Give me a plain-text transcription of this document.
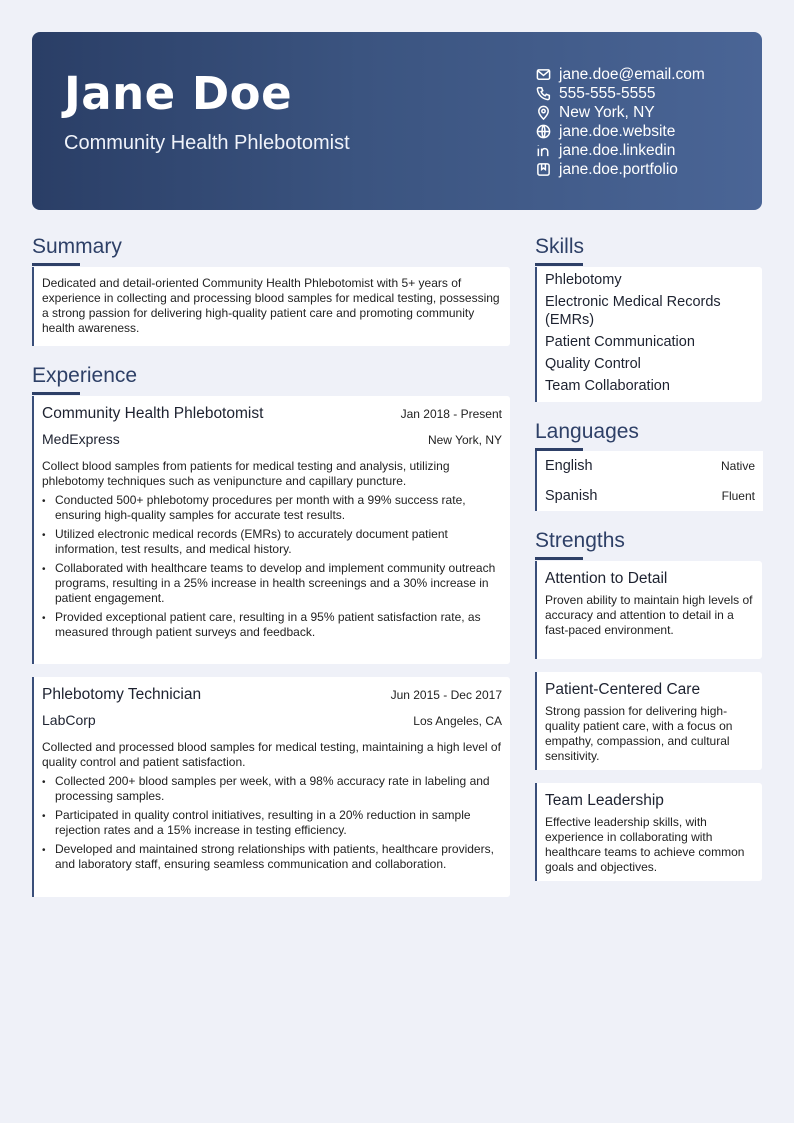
Jane Doe
Community Health Phlebotomist
jane.doe@email.com
555-555-5555
New York, NY
jane.doe.website
jane.doe.linkedin
jane.doe.portfolio
Summary

Dedicated and detail-oriented Community Health Phlebotomist with 5+ years of experience in collecting and processing blood samples for medical testing, possessing a strong passion for delivering high-quality patient care and promoting community health awareness.

Experience
Community Health Phlebotomist	Jan 2018 - Present
MedExpress	New York, NY

Collect blood samples from patients for medical testing and analysis, utilizing phlebotomy techniques such as venipuncture and capillary puncture.

• Conducted 500+ phlebotomy procedures per month with a 99% success rate, ensuring high-quality samples for accurate test results.
• Utilized electronic medical records (EMRs) to accurately document patient information, test results, and medical history.
• Collaborated with healthcare teams to develop and implement community outreach programs, resulting in a 25% increase in health screenings and a 30% increase in patient engagement.
• Provided exceptional patient care, resulting in a 95% patient satisfaction rate, as measured through patient surveys and feedback.
Phlebotomy Technician	Jun 2015 - Dec 2017
LabCorp	Los Angeles, CA

Collected and processed blood samples for medical testing, maintaining a high level of quality control and patient satisfaction.

• Collected 200+ blood samples per week, with a 98% accuracy rate in labeling and processing samples.
• Participated in quality control initiatives, resulting in a 20% reduction in sample rejection rates and a 15% increase in testing efficiency.
• Developed and maintained strong relationships with patients, healthcare providers, and laboratory staff, ensuring seamless communication and collaboration.
Skills
Phlebotomy
Electronic Medical Records (EMRs)
Patient Communication
Quality Control
Team Collaboration
Languages
English	Native
Spanish	Fluent
Strengths
Attention to Detail

Proven ability to maintain high levels of accuracy and attention to detail in a fast-paced environment.

Patient-Centered Care

Strong passion for delivering high-quality patient care, with a focus on empathy, compassion, and cultural sensitivity.

Team Leadership

Effective leadership skills, with experience in collaborating with healthcare teams to achieve common goals and objectives.
